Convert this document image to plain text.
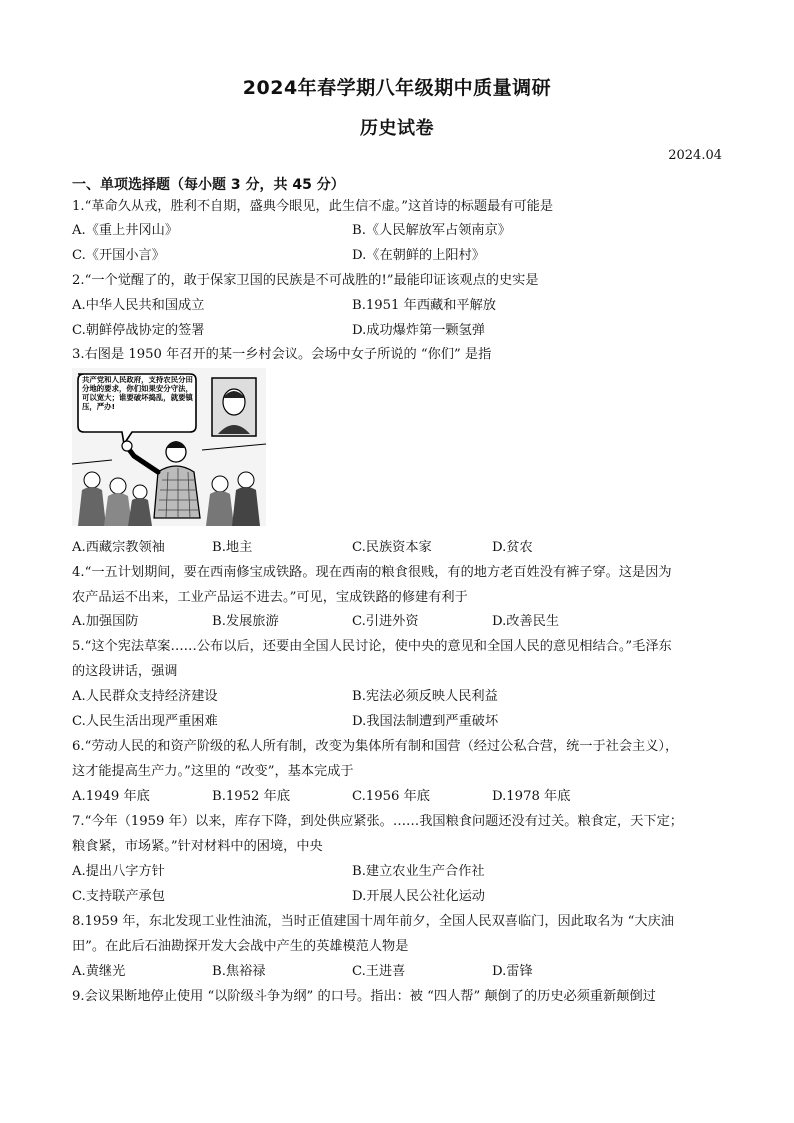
2024年春学期八年级期中质量调研
历史试卷
2024.04
一、单项选择题（每小题 3 分，共 45 分）
1.“革命久从戎，胜利不自期，盛典今眼见，此生信不虚。”这首诗的标题最有可能是
A.《重上井冈山》	B.《人民解放军占领南京》
C.《开国小言》	D.《在朝鲜的上阳村》
2.“一个觉醒了的，敢于保家卫国的民族是不可战胜的!”最能印证该观点的史实是
A.中华人民共和国成立	B.1951 年西藏和平解放
C.朝鲜停战协定的签署	D.成功爆炸第一颗氢弹
3.右图是 1950 年召开的某一乡村会议。会场中女子所说的 “你们” 是指
共产党和人民政府，支持农民分田分地的要求，你们如果安分守法，可以宽大；谁要破坏捣乱，就要镇压，严办!
A.西藏宗教领袖	B.地主	C.民族资本家	D.贫农
4.“一五计划期间，要在西南修宝成铁路。现在西南的粮食很贱，有的地方老百姓没有裤子穿。这是因为
农产品运不出来，工业产品运不进去。”可见，宝成铁路的修建有利于
A.加强国防	B.发展旅游	C.引进外资	D.改善民生
5.“这个宪法草案……公布以后，还要由全国人民讨论，使中央的意见和全国人民的意见相结合。”毛泽东
的这段讲话，强调
A.人民群众支持经济建设	B.宪法必须反映人民利益
C.人民生活出现严重困难	D.我国法制遭到严重破坏
6.“劳动人民的和资产阶级的私人所有制，改变为集体所有制和国营（经过公私合营，统一于社会主义），
这才能提高生产力。”这里的 “改变”，基本完成于
A.1949 年底	B.1952 年底	C.1956 年底	D.1978 年底
7.“今年（1959 年）以来，库存下降，到处供应紧张。……我国粮食问题还没有过关。粮食定，天下定；
粮食紧，市场紧。”针对材料中的困境，中央
A.提出八字方针	B.建立农业生产合作社
C.支持联产承包	D.开展人民公社化运动
8.1959 年，东北发现工业性油流，当时正值建国十周年前夕，全国人民双喜临门，因此取名为 “大庆油
田”。在此后石油勘探开发大会战中产生的英雄模范人物是
A.黄继光	B.焦裕禄	C.王进喜	D.雷锋
9.会议果断地停止使用 “以阶级斗争为纲” 的口号。指出：被 “四人帮” 颠倒了的历史必须重新颠倒过
